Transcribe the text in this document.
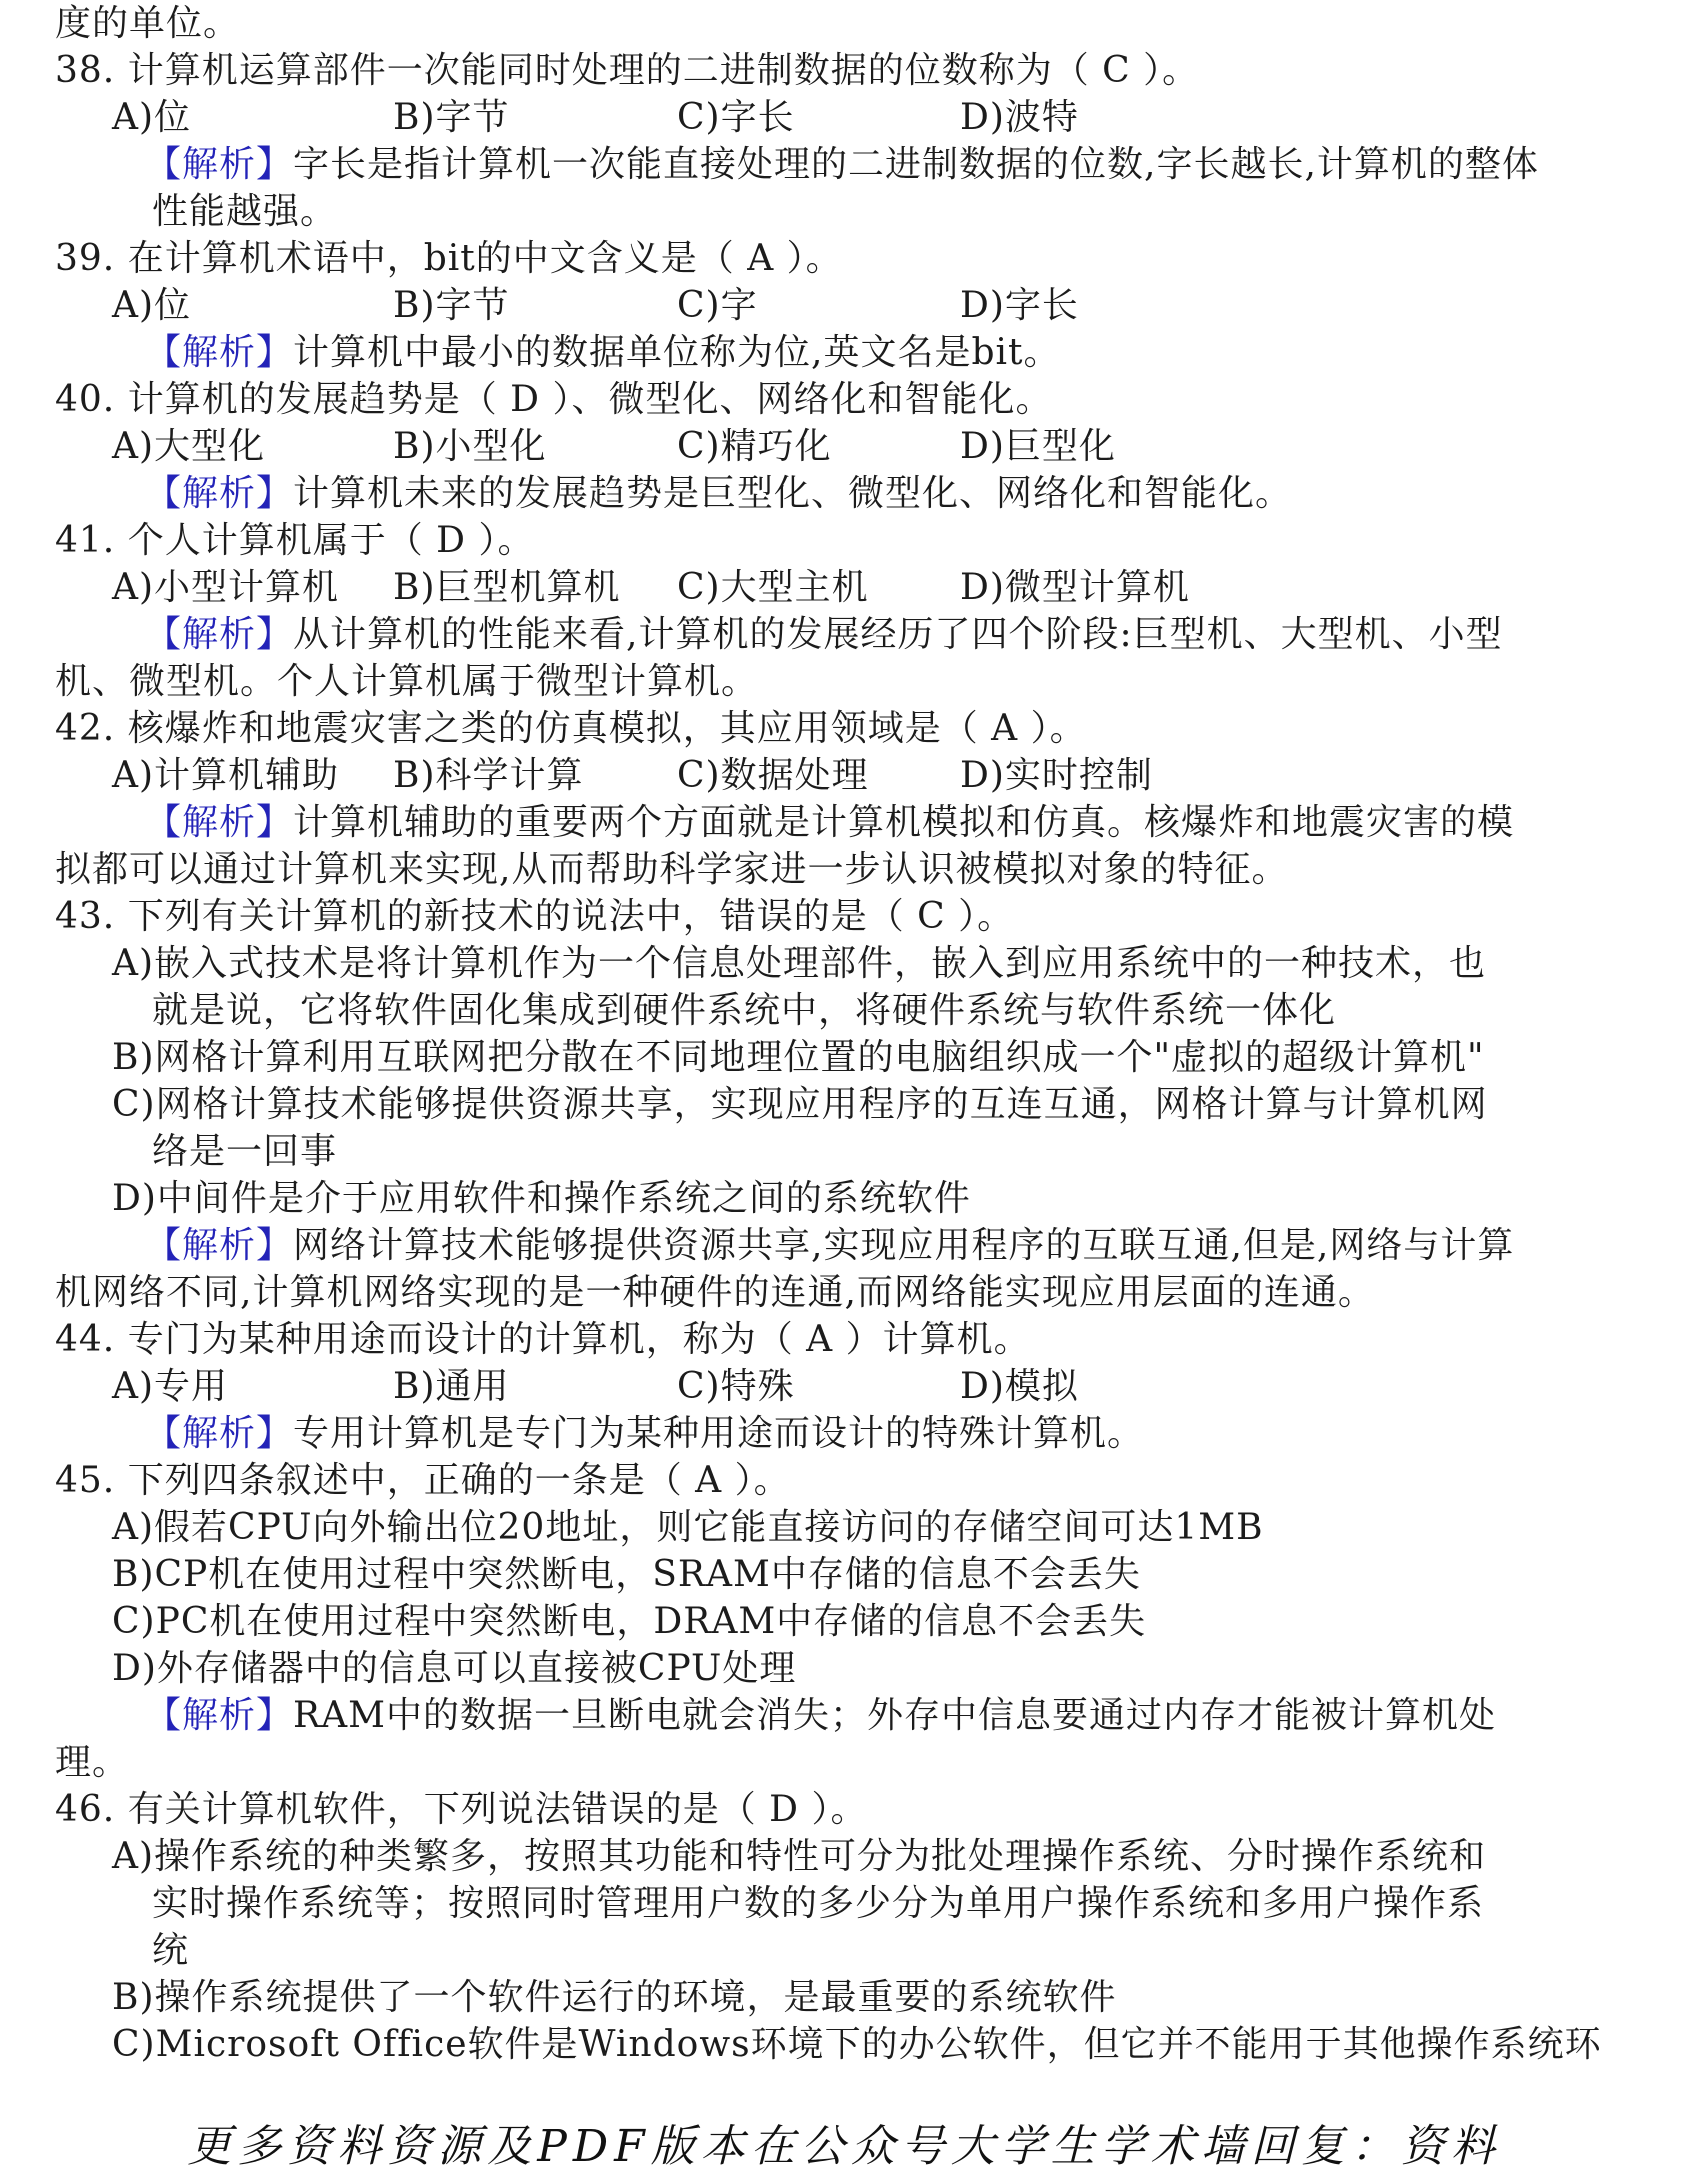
度的单位。
38. 计算机运算部件一次能同时处理的二进制数据的位数称为（ C ）。
A)位	B)字节	C)字长	D)波特
【解析】字长是指计算机一次能直接处理的二进制数据的位数,字长越长,计算机的整体
性能越强。
39. 在计算机术语中，bit的中文含义是（ A ）。
A)位	B)字节	C)字	D)字长
【解析】计算机中最小的数据单位称为位,英文名是bit。
40. 计算机的发展趋势是（ D ）、微型化、网络化和智能化。
A)大型化	B)小型化	C)精巧化	D)巨型化
【解析】计算机未来的发展趋势是巨型化、微型化、网络化和智能化。
41. 个人计算机属于（ D ）。
A)小型计算机 B)巨型机算机 C)大型主机	D)微型计算机
【解析】从计算机的性能来看,计算机的发展经历了四个阶段:巨型机、大型机、小型
机、微型机。个人计算机属于微型计算机。
42. 核爆炸和地震灾害之类的仿真模拟，其应用领域是（ A ）。
A)计算机辅助 B)科学计算	C)数据处理	D)实时控制
【解析】计算机辅助的重要两个方面就是计算机模拟和仿真。核爆炸和地震灾害的模
拟都可以通过计算机来实现,从而帮助科学家进一步认识被模拟对象的特征。
43. 下列有关计算机的新技术的说法中，错误的是（ C ）。
A)嵌入式技术是将计算机作为一个信息处理部件，嵌入到应用系统中的一种技术，也
就是说，它将软件固化集成到硬件系统中，将硬件系统与软件系统一体化
B)网格计算利用互联网把分散在不同地理位置的电脑组织成一个"虚拟的超级计算机"
C)网格计算技术能够提供资源共享，实现应用程序的互连互通，网格计算与计算机网
络是一回事
D)中间件是介于应用软件和操作系统之间的系统软件
【解析】网络计算技术能够提供资源共享,实现应用程序的互联互通,但是,网络与计算
机网络不同,计算机网络实现的是一种硬件的连通,而网络能实现应用层面的连通。
44. 专门为某种用途而设计的计算机，称为（ A ）计算机。
A)专用	B)通用	C)特殊	D)模拟
【解析】专用计算机是专门为某种用途而设计的特殊计算机。
45. 下列四条叙述中，正确的一条是（ A ）。
A)假若CPU向外输出位20地址，则它能直接访问的存储空间可达1MB
B)CP机在使用过程中突然断电，SRAM中存储的信息不会丢失
C)PC机在使用过程中突然断电，DRAM中存储的信息不会丢失
D)外存储器中的信息可以直接被CPU处理
【解析】RAM中的数据一旦断电就会消失；外存中信息要通过内存才能被计算机处
理。
46. 有关计算机软件，下列说法错误的是（ D ）。
A)操作系统的种类繁多，按照其功能和特性可分为批处理操作系统、分时操作系统和
实时操作系统等；按照同时管理用户数的多少分为单用户操作系统和多用户操作系
统
B)操作系统提供了一个软件运行的环境，是最重要的系统软件
C)Microsoft Office软件是Windows环境下的办公软件，但它并不能用于其他操作系统环
更多资料资源及PDF版本在公众号大学生学术墙回复：资料
